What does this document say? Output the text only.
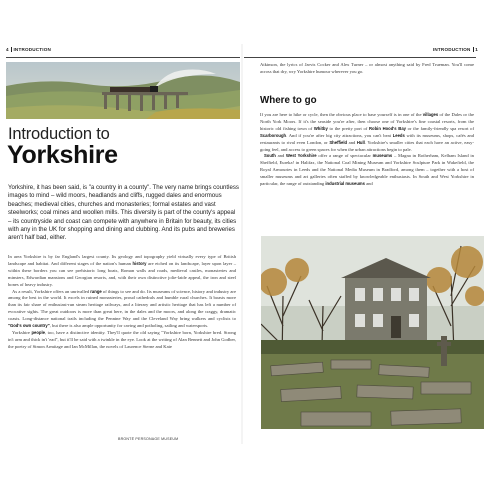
4 INTRODUCTION
Introduction to
Yorkshire

Yorkshire, it has been said, is "a country in a county". The very name brings countless images to mind – wild moors, headlands and cliffs, rugged dales and enormous beaches; medieval cities, churches and monasteries; formal estates and vast steelworks; coal mines and woollen mills. This diversity is part of the county's appeal – its countryside and coast can compete with anywhere in Britain for beauty, its cities with any in the UK for shopping and dining and clubbing. And its pubs and breweries aren't half bad, either.

In area Yorkshire is by far England's largest county. Its geology and topography yield virtually every type of British landscape and habitat. And different stages of the nation's human history are etched on its landscape, layer upon layer – within these borders you can see prehistoric long boats, Roman walls and roads, medieval castles, monasteries and minsters, Edwardian mansions and Georgian resorts, and, with their own distinctive jolie-laide appeal, the iron and steel bones of heavy industry.

As a result, Yorkshire offers an unrivalled range of things to see and do. Its museums of science, history and industry are among the best in the world. It excels in ruined monasteries, proud cathedrals and humble rural churches. It boasts more than its fair share of enthusiast-run steam heritage railways, and a literary and artistic heritage that has left a number of evocative sights. The great outdoors is more than great here, in the dales and the moors, and along the craggy, dramatic coasts. Long-distance national trails including the Pennine Way and the Cleveland Way bring walkers and cyclists to "God's own country", but there is also ample opportunity for caving and potholing, sailing and watersports.

Yorkshire people, too, have a distinctive identity. They'll quote the old saying "Yorkshire born, Yorkshire bred. Strong in't arm and thick in't 'ead", but it'll be said with a twinkle in the eye. Look at the writing of Alan Bennett and John Godber, the poetry of Simon Armitage and Ian McMillan, the novels of Laurence Sterne and Kate

BRONTË PERSONAGE MUSEUM
INTRODUCTION 1

Atkinson, the lyrics of Jarvis Cocker and Alex Turner – or almost anything said by Fred Trueman. You'll come across that dry, wry Yorkshire humour wherever you go.

Where to go

If you are here to hike or cycle, then the obvious place to base yourself is in one of the villages of the Dales or the North York Moors. If it's the seaside you're after, then choose one of Yorkshire's fine coastal resorts, from the historic old fishing town of Whitby to the pretty port of Robin Hood's Bay or the family-friendly spa resort of Scarborough. And if you're after big city attractions, you can't beat Leeds with its museums, shops, cafés and restaurants to rival even London, or Sheffield and Hull. Yorkshire's smaller cities that each have an active, easy-going feel, and access to green spaces for when the urban attractions begin to pale.

South and West Yorkshire offer a range of spectacular museums – Magna in Rotherham, Kelham Island in Sheffield, Eureka! in Halifax, the National Coal Mining Museum and Yorkshire Sculpture Park in Wakefield, the Royal Armouries in Leeds and the National Media Museum in Bradford, among them – together with a host of smaller museums and art galleries often staffed by knowledgeable enthusiasts. In South and West Yorkshire in particular, the range of outstanding industrial museums and
